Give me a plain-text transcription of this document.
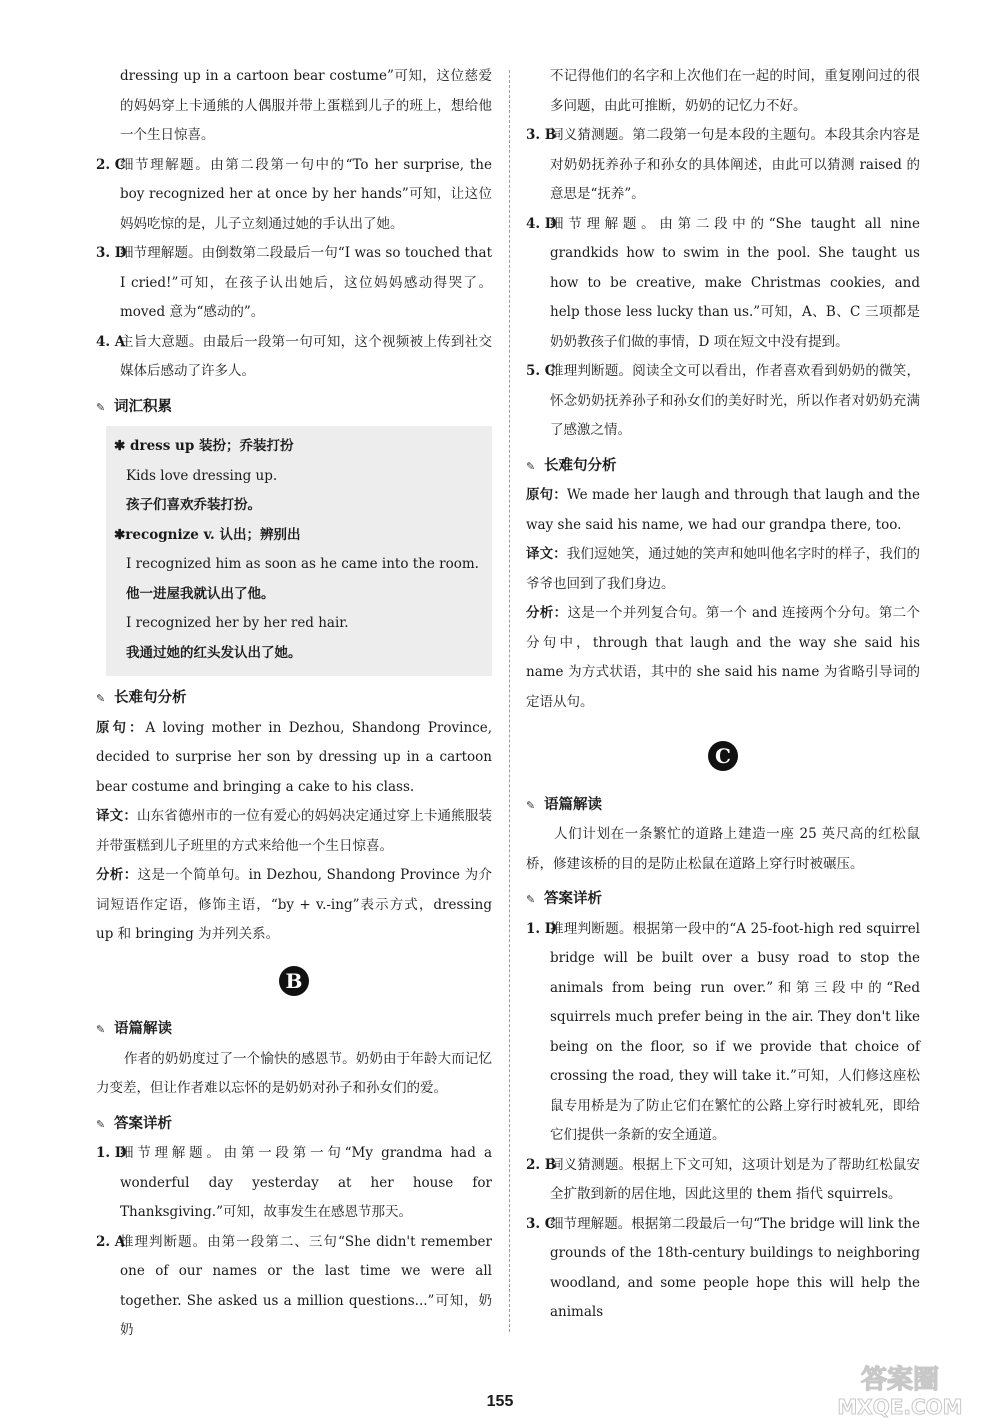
dressing up in a cartoon bear costume”可知，这位慈爱的妈妈穿上卡通熊的人偶服并带上蛋糕到儿子的班上，想给他一个生日惊喜。

2. C
细节理解题。由第二段第一句中的“To her surprise, the boy recognized her at once by her hands”可知，让这位妈妈吃惊的是，儿子立刻通过她的手认出了她。
3. D
细节理解题。由倒数第二段最后一句“I was so touched that I cried!”可知，在孩子认出她后，这位妈妈感动得哭了。moved 意为“感动的”。
4. A
主旨大意题。由最后一段第一句可知，这个视频被上传到社交媒体后感动了许多人。

✎ 词汇积累

✱ dress up 装扮；乔装打扮

Kids love dressing up.

孩子们喜欢乔装打扮。

✱recognize v. 认出；辨别出

I recognized him as soon as he came into the room.

他一进屋我就认出了他。

I recognized her by her red hair.

我通过她的红头发认出了她。

✎ 长难句分析

原句：A loving mother in Dezhou, Shandong Province, decided to surprise her son by dressing up in a cartoon bear costume and bringing a cake to his class.

译文：山东省德州市的一位有爱心的妈妈决定通过穿上卡通熊服装并带蛋糕到儿子班里的方式来给他一个生日惊喜。

分析：这是一个简单句。in Dezhou, Shandong Province 为介词短语作定语，修饰主语，“by + v.-ing”表示方式，dressing up 和 bringing 为并列关系。

B

✎ 语篇解读

作者的奶奶度过了一个愉快的感恩节。奶奶由于年龄大而记忆力变差，但让作者难以忘怀的是奶奶对孙子和孙女们的爱。

✎ 答案详析

1. D
细节理解题。由第一段第一句“My grandma had a wonderful day yesterday at her house for Thanksgiving.”可知，故事发生在感恩节那天。
2. A
推理判断题。由第一段第二、三句“She didn't remember one of our names or the last time we were all together. She asked us a million questions...”可知，奶奶

不记得他们的名字和上次他们在一起的时间，重复刚问过的很多问题，由此可推断，奶奶的记忆力不好。

3. B
词义猜测题。第二段第一句是本段的主题句。本段其余内容是对奶奶抚养孙子和孙女的具体阐述，由此可以猜测 raised 的意思是“抚养”。
4. D
细节理解题。由第二段中的“She taught all nine grandkids how to swim in the pool. She taught us how to be creative, make Christmas cookies, and help those less lucky than us.”可知，A、B、C 三项都是奶奶教孩子们做的事情，D 项在短文中没有提到。
5. C
推理判断题。阅读全文可以看出，作者喜欢看到奶奶的微笑，怀念奶奶抚养孙子和孙女们的美好时光，所以作者对奶奶充满了感激之情。

✎ 长难句分析

原句：We made her laugh and through that laugh and the way she said his name, we had our grandpa there, too.

译文：我们逗她笑，通过她的笑声和她叫他名字时的样子，我们的爷爷也回到了我们身边。

分析：这是一个并列复合句。第一个 and 连接两个分句。第二个分句中，through that laugh and the way she said his name 为方式状语，其中的 she said his name 为省略引导词的定语从句。

C

✎ 语篇解读

人们计划在一条繁忙的道路上建造一座 25 英尺高的红松鼠桥，修建该桥的目的是防止松鼠在道路上穿行时被碾压。

✎ 答案详析

1. D
推理判断题。根据第一段中的“A 25-foot-high red squirrel bridge will be built over a busy road to stop the animals from being run over.”和第三段中的“Red squirrels much prefer being in the air. They don't like being on the floor, so if we provide that choice of crossing the road, they will take it.”可知，人们修这座松鼠专用桥是为了防止它们在繁忙的公路上穿行时被轧死，即给它们提供一条新的安全通道。
2. B
词义猜测题。根据上下文可知，这项计划是为了帮助红松鼠安全扩散到新的居住地，因此这里的 them 指代 squirrels。
3. C
细节理解题。根据第二段最后一句“The bridge will link the grounds of the 18th-century buildings to neighboring woodland, and some people hope this will help the animals
155
答案圈
MXQE.COM
